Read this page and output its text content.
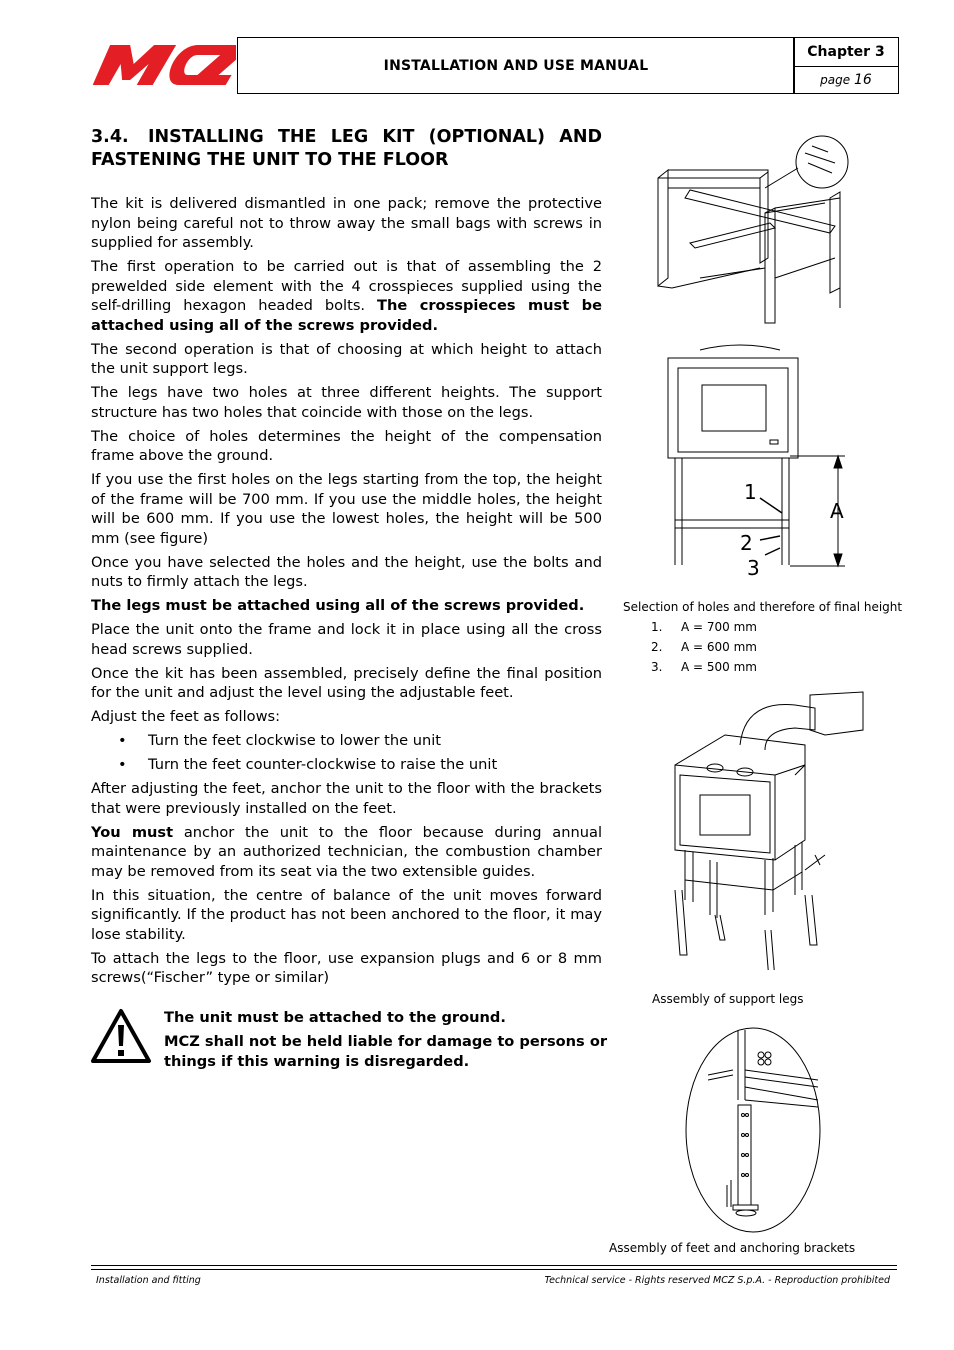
INSTALLATION AND USE MANUAL
Chapter 3
page 16
3.4. INSTALLING THE LEG KIT (OPTIONAL) AND FASTENING THE UNIT TO THE FLOOR

The kit is delivered dismantled in one pack; remove the protective nylon being careful not to throw away the small bags with screws in supplied for assembly.

The first operation to be carried out is that of assembling the 2 prewelded side element with the 4 crosspieces supplied using the self-drilling hexagon headed bolts. The crosspieces must be attached using all of the screws provided.

The second operation is that of choosing at which height to attach the unit support legs.

The legs have two holes at three different heights. The support structure has two holes that coincide with those on the legs.

The choice of holes determines the height of the compensation frame above the ground.

If you use the first holes on the legs starting from the top, the height of the frame will be 700 mm. If you use the middle holes, the height will be 600 mm. If you use the lowest holes, the height will be 500 mm (see figure)

Once you have selected the holes and the height, use the bolts and nuts to firmly attach the legs.

The legs must be attached using all of the screws provided.

Place the unit onto the frame and lock it in place using all the cross head screws supplied.

Once the kit has been assembled, precisely define the final position for the unit and adjust the level using the adjustable feet.

Adjust the feet as follows:

• Turn the feet clockwise to lower the unit
• Turn the feet counter-clockwise to raise the unit

After adjusting the feet, anchor the unit to the floor with the brackets that were previously installed on the feet.

You must anchor the unit to the floor because during annual maintenance by an authorized technician, the combustion chamber may be removed from its seat via the two extensible guides.

In this situation, the centre of balance of the unit moves forward significantly. If the product has not been anchored to the floor, it may lose stability.

To attach the legs to the floor, use expansion plugs and 6 or 8 mm screws(“Fischer” type or similar)

The unit must be attached to the ground.

MCZ shall not be held liable for damage to persons or things if this warning is disregarded.

1
2
3
A
Selection of holes and therefore of final height
1. A = 700 mm
2. A = 600 mm
3. A = 500 mm
Assembly of support legs
Assembly of feet and anchoring brackets
Installation and fitting	Technical service - Rights reserved MCZ S.p.A. - Reproduction prohibited
